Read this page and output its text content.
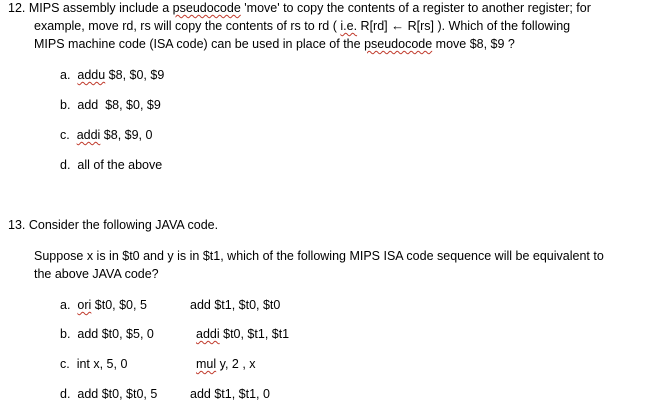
12. MIPS assembly include a pseudocode 'move' to copy the contents of a register to another register; for
example, move rd, rs will copy the contents of rs to rd ( i.e. R[rd] ← R[rs] ). Which of the following
MIPS machine code (ISA code) can be used in place of the pseudocode move $8, $9 ?
a. addu $8, $0, $9
b. add  $8, $0, $9
c. addi $8, $9, 0
d. all of the above
13. Consider the following JAVA code.
Suppose x is in $t0 and y is in $t1, which of the following MIPS ISA code sequence will be equivalent to
the above JAVA code?
a. ori $t0, $0, 5	add $t1, $t0, $t0
b. add $t0, $5, 0	addi $t0, $t1, $t1
c. int x, 5, 0	mul y, 2 , x
d. add $t0, $t0, 5	add $t1, $t1, 0
